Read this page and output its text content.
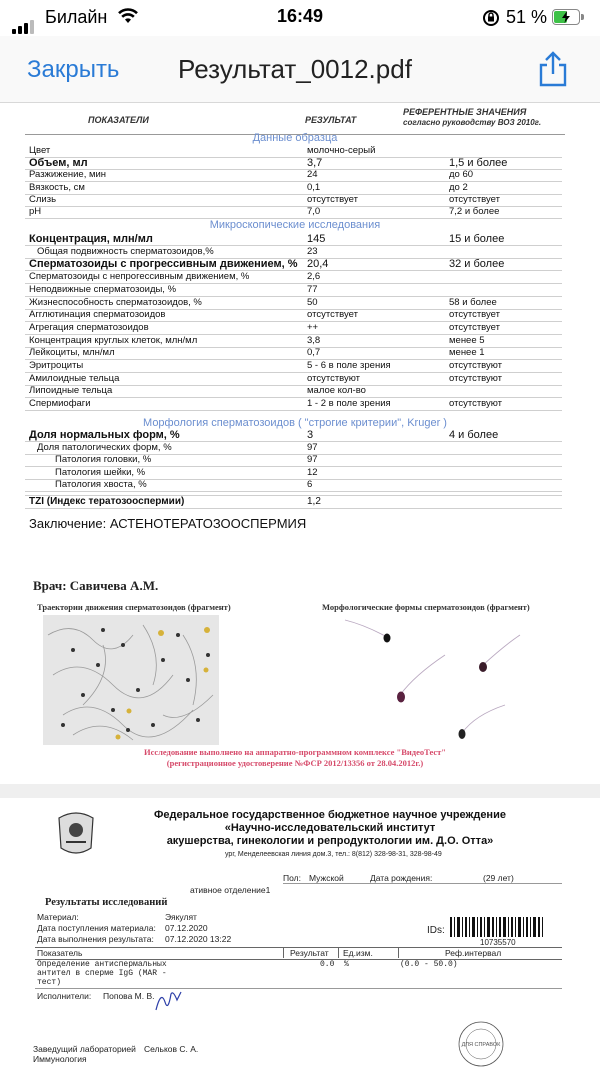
Билайн	16:49	51 %
Закрыть Результат_0012.pdf
ПОКАЗАТЕЛИ	РЕЗУЛЬТАТ
РЕФЕРЕНТНЫЕ ЗНАЧЕНИЯ
согласно руководству ВОЗ 2010г.
Данные образца
Цвет	молочно-серый
Объем, мл	3,7	1,5 и более
Разжижение, мин	24	до 60
Вязкость, см	0,1	до 2
Слизь	отсутствует	отсутствует
pH	7,0	7,2 и более
Микроскопические исследования
Концентрация, млн/мл	145	15 и более
Общая подвижность сперматозоидов,%	23
Сперматозоиды с прогрессивным движением, % 20,4	32 и более
Сперматозоиды с непрогессивным движением, %	2,6
Неподвижные сперматозоиды, %	77
Жизнеспособность сперматозоидов, %	50	58 и более
Агглютинация сперматозоидов	отсутствует	отсутствует
Агрегация сперматозоидов	++	отсутствует
Концентрация круглых клеток, млн/мл	3,8	менее 5
Лейкоциты, млн/мл	0,7	менее 1
Эритроциты	5 - 6 в поле зрения	отсутствуют
Амилоидные тельца	отсутствуют	отсутствуют
Липоидные тельца	малое кол-во
Спермиофаги	1 - 2 в поле зрения	отсутствуют
Морфология сперматозоидов ( "строгие критерии", Kruger )
Доля нормальных форм, %	3	4 и более
Доля патологических форм, %	97
Патология головки, %	97
Патология шейки, %	12
Патология хвоста, %	6
TZI (Индекс тератозооспермии)	1,2
Заключение: АСТЕНОТЕРАТОЗООСПЕРМИЯ
Врач: Савичева А.М.
Траектории движения сперматозоидов (фрагмент)	Морфологические формы сперматозоидов (фрагмент)
Исследование выполнено на аппаратно-программном комплексе "ВидеоТест"
(регистрационное удостоверение №ФСР 2012/13356 от 28.04.2012г.)
Федеральное государственное бюджетное научное учреждение
«Научно-исследовательский институт
акушерства, гинекологии и репродуктологии им. Д.О. Отта»
ург, Менделеевская линия дом.3, тел.: 8(812) 328-98-31, 328-98-49
Пол: Мужской	Дата рождения:	(29 лет)
ативное отделение1
Результаты исследований
Материал:	Эякулят
Дата поступления материала: 07.12.2020
Дата выполнения результата: 07.12.2020 13:22
IDs:
10735570
Показатель	Результат Ед.изм.	Реф.интервал
Определение антиспермальных
антител в сперме IgG (MAR -
тест)
0.0 %	(0.0 - 50.0)
Исполнители: Попова М. В.
Заведущий лабораторией
Иммунология
Сельков С. А.	ДЛЯ СПРАВОК
